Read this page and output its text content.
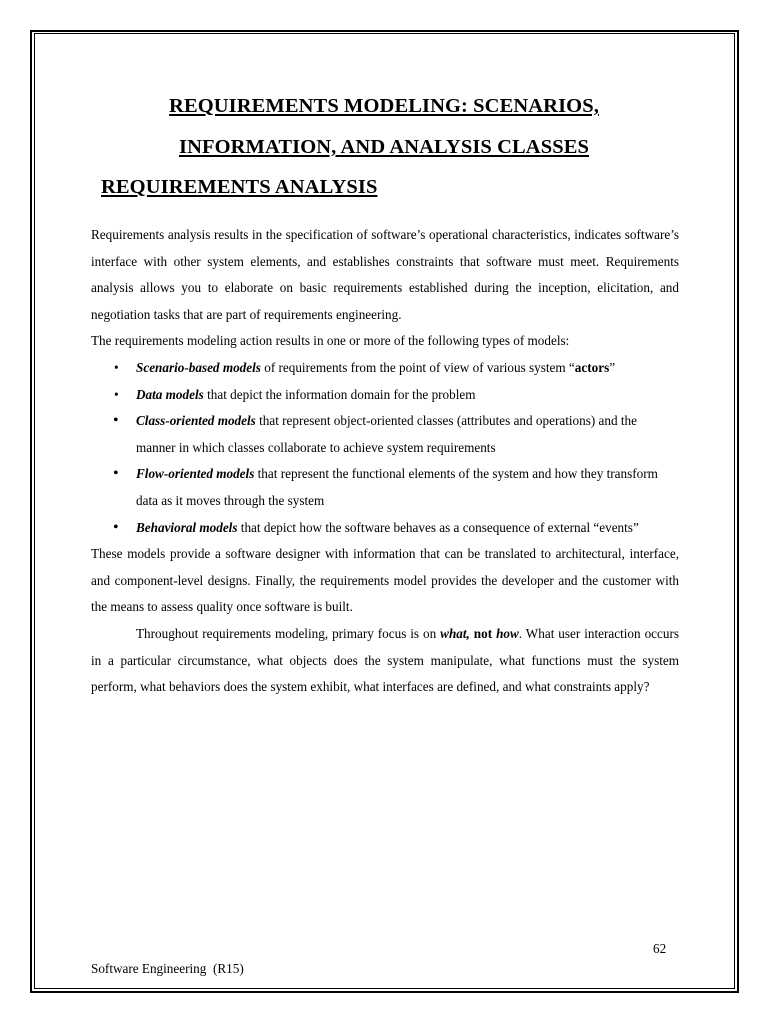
REQUIREMENTS MODELING: SCENARIOS,
INFORMATION, AND ANALYSIS CLASSES
REQUIREMENTS ANALYSIS

Requirements analysis results in the specification of software’s operational characteristics, indicates software’s interface with other system elements, and establishes constraints that software must meet. Requirements analysis allows you to elaborate on basic requirements established during the inception, elicitation, and negotiation tasks that are part of requirements engineering.

The requirements modeling action results in one or more of the following types of models:

• Scenario-based models of requirements from the point of view of various system “actors”
• Data models that depict the information domain for the problem
• Class-oriented models that represent object-oriented classes (attributes and operations) and the manner in which classes collaborate to achieve system requirements
• Flow-oriented models that represent the functional elements of the system and how they transform data as it moves through the system
• Behavioral models that depict how the software behaves as a consequence of external “events”

These models provide a software designer with information that can be translated to architectural, interface, and component-level designs. Finally, the requirements model provides the developer and the customer with the means to assess quality once software is built.

Throughout requirements modeling, primary focus is on what, not how. What user interaction occurs in a particular circumstance, what objects does the system manipulate, what functions must the system perform, what behaviors does the system exhibit, what interfaces are defined, and what constraints apply?

62
Software Engineering  (R15)
